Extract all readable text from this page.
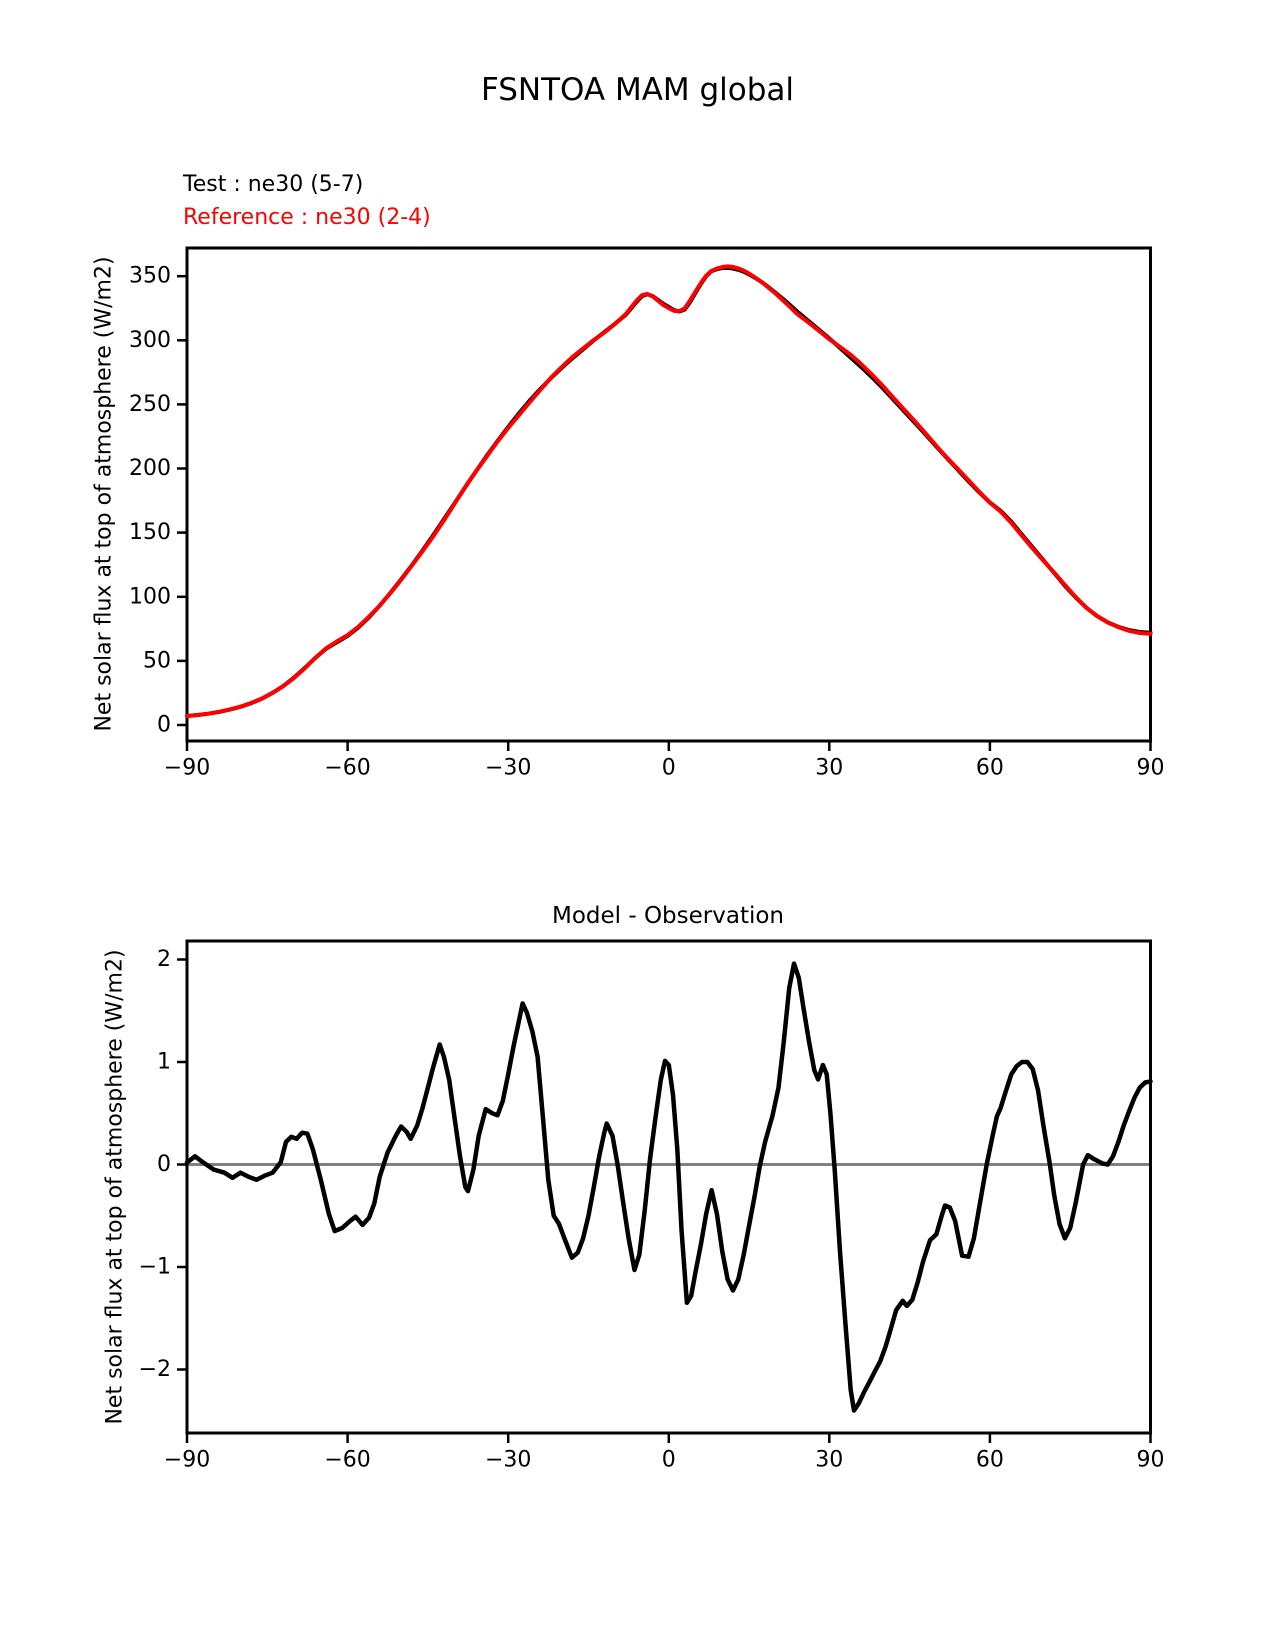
FSNTOA MAM global
Test : ne30 (5-7)
Reference : ne30 (2-4)
Net solar flux at top of atmosphere (W/m2)
Model - Observation
Net solar flux at top of atmosphere (W/m2)
−90	−60	−30	0	30	60	90
0
50
100
150
200
250
300
350
−90	−60	−30	0	30	60	90
−2
−1
0
1
2
